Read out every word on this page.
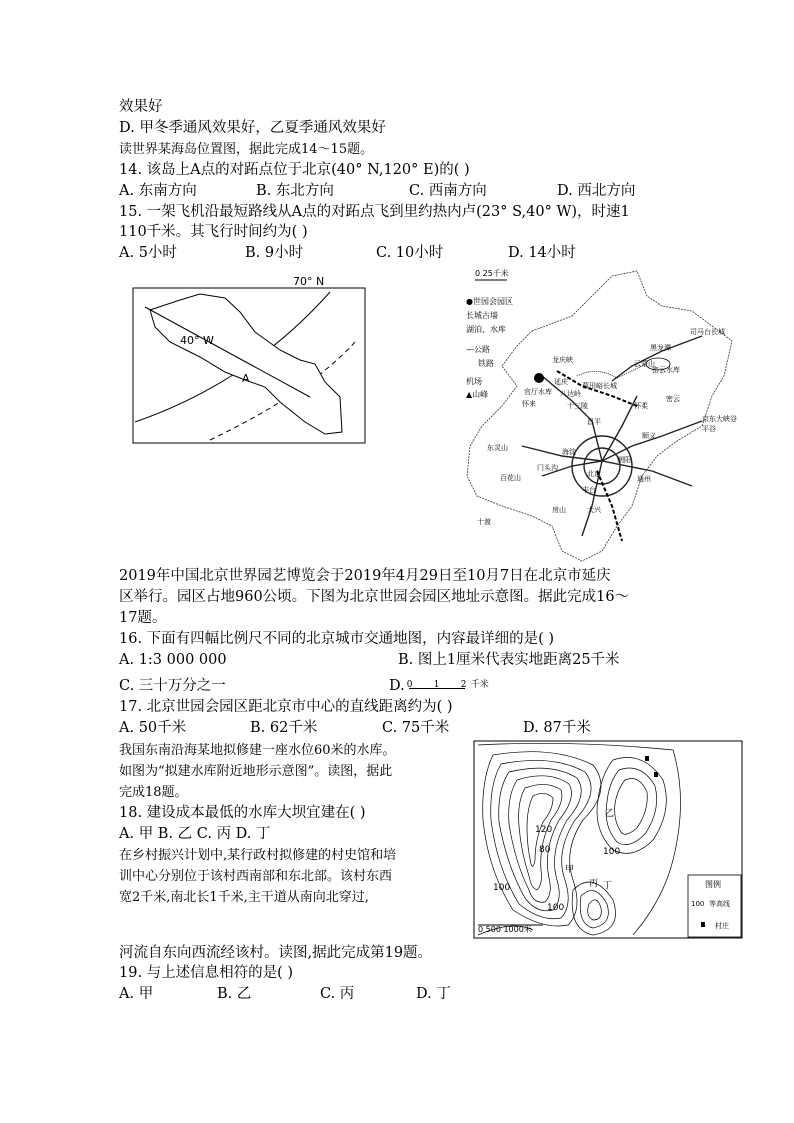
效果好
D. 甲冬季通风效果好，乙夏季通风效果好
读世界某海岛位置图，据此完成14～15题。
14. 该岛上A点的对跖点位于北京(40° N,120° E)的( )
A. 东南方向	B. 东北方向	C. 西南方向	D. 西北方向
15. 一架飞机沿最短路线从A点的对跖点飞到里约热内卢(23° S,40° W)，时速1
110千米。其飞行时间约为( )
A. 5小时	B. 9小时	C. 10小时	D. 14小时
70° N
40° W
A
0 25千米
●世园会园区
长城古墙
湖泊、水库
—公路
铁路
机场
▲山峰
延庆
龙庆峡
八达岭
怀柔
密云
密云水库
平谷
顺义
昌平
海淀
北京
朝阳
门头沟
丰台
通州
房山	大兴
东灵山
百花山
十渡
司马台长城
京东大峡谷
慕田峪长城
黑龙潭
云蒙山
官厅水库
十三陵
怀来
2019年中国北京世界园艺博览会于2019年4月29日至10月7日在北京市延庆
区举行。园区占地960公顷。下图为北京世园会园区地址示意图。据此完成16～
17题。
16. 下面有四幅比例尺不同的北京城市交通地图，内容最详细的是( )
A. 1:3 000 000	B. 图上1厘米代表实地距离25千米
C. 三十万分之一	D. 0 1 2 千米
17. 北京世园会园区距北京市中心的直线距离约为( )
A. 50千米	B. 62千米	C. 75千米	D. 87千米
我国东南沿海某地拟修建一座水位60米的水库。
如图为“拟建水库附近地形示意图”。读图，据此
完成18题。
18. 建设成本最低的水库大坝宜建在( )
A. 甲 B. 乙 C. 丙 D. 丁
在乡村振兴计划中,某行政村拟修建的村史馆和培
训中心分别位于该村西南部和东北部。该村东西
宽2千米,南北长1千米,主干道从南向北穿过,
120
80	100
100
100
甲
乙
丙 丁
0 500 1000米
图例
100 等高线
村庄
河流自东向西流经该村。读图,据此完成第19题。
19. 与上述信息相符的是( )
A. 甲	B. 乙	C. 丙	D. 丁
